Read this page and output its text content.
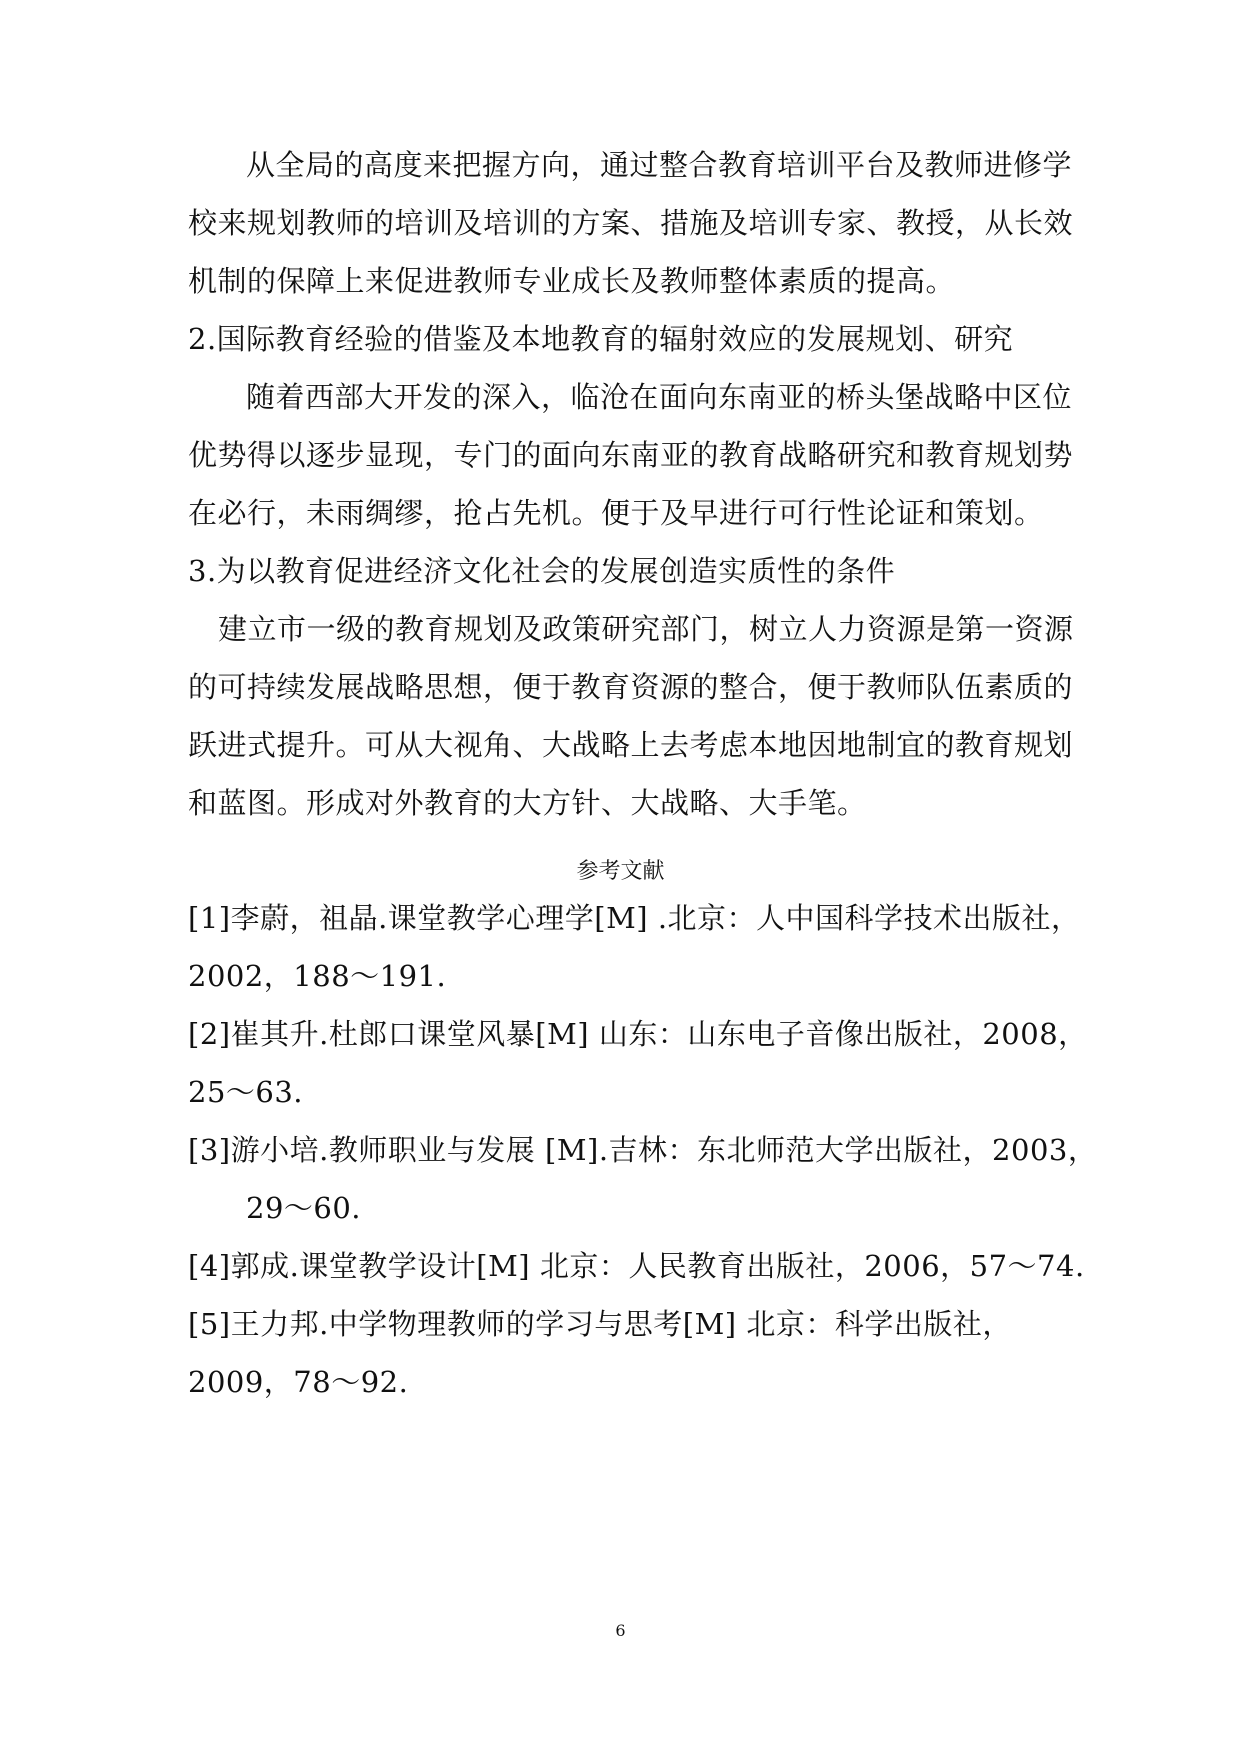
从全局的高度来把握方向，通过整合教育培训平台及教师进修学
校来规划教师的培训及培训的方案、措施及培训专家、教授，从长效
机制的保障上来促进教师专业成长及教师整体素质的提高。
2.国际教育经验的借鉴及本地教育的辐射效应的发展规划、研究
随着西部大开发的深入，临沧在面向东南亚的桥头堡战略中区位
优势得以逐步显现，专门的面向东南亚的教育战略研究和教育规划势
在必行，未雨绸缪，抢占先机。便于及早进行可行性论证和策划。
3.为以教育促进经济文化社会的发展创造实质性的条件
建立市一级的教育规划及政策研究部门，树立人力资源是第一资源
的可持续发展战略思想，便于教育资源的整合，便于教师队伍素质的
跃进式提升。可从大视角、大战略上去考虑本地因地制宜的教育规划
和蓝图。形成对外教育的大方针、大战略、大手笔。
参考文献
[1]李蔚，祖晶.课堂教学心理学[M] .北京：人中国科学技术出版社，
2002，188～191.
[2]崔其升.杜郎口课堂风暴[M] 山东：山东电子音像出版社，2008，
25～63.
[3]游小培.教师职业与发展 [M].吉林：东北师范大学出版社，2003，
29～60.
[4]郭成.课堂教学设计[M] 北京：人民教育出版社，2006，57～74.
[5]王力邦.中学物理教师的学习与思考[M] 北京：科学出版社，
2009，78～92.
6
